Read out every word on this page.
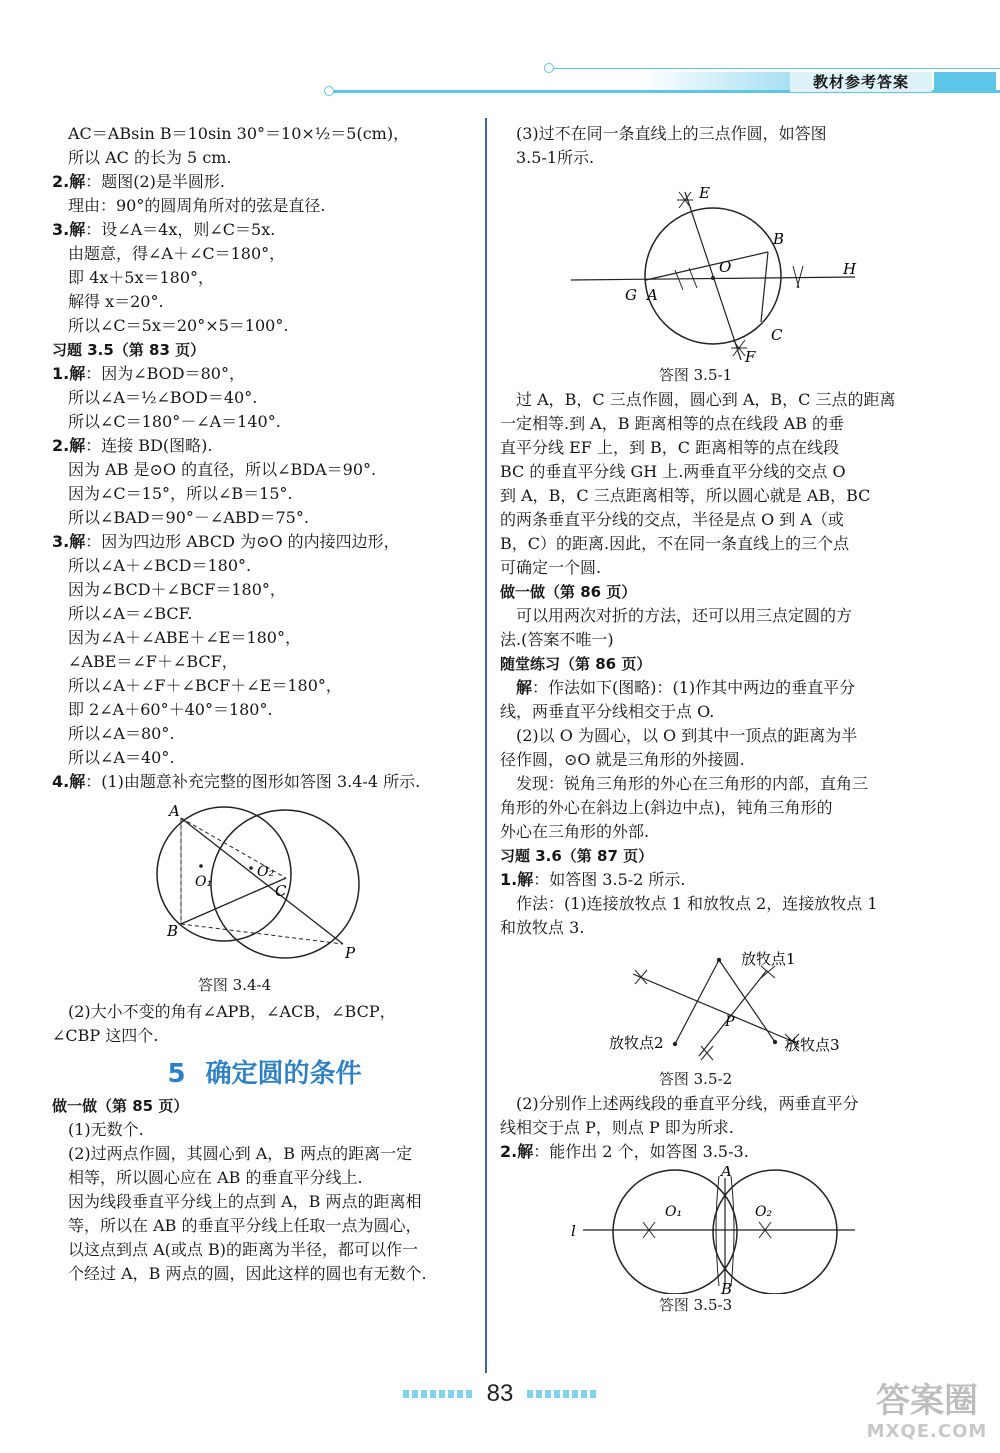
教材参考答案
AC＝ABsin B＝10sin 30°＝10×½＝5(cm)，
所以 AC 的长为 5 cm.
2.解：题图(2)是半圆形.
理由：90°的圆周角所对的弦是直径.
3.解：设∠A＝4x，则∠C＝5x.
由题意，得∠A＋∠C＝180°，
即 4x＋5x＝180°，
解得 x＝20°.
所以∠C＝5x＝20°×5＝100°.
习题 3.5（第 83 页）
1.解：因为∠BOD＝80°，
所以∠A＝½∠BOD＝40°.
所以∠C＝180°－∠A＝140°.
2.解：连接 BD(图略).
因为 AB 是⊙O 的直径，所以∠BDA＝90°.
因为∠C＝15°，所以∠B＝15°.
所以∠BAD＝90°－∠ABD＝75°.
3.解：因为四边形 ABCD 为⊙O 的内接四边形，
所以∠A＋∠BCD＝180°.
因为∠BCD＋∠BCF＝180°，
所以∠A＝∠BCF.
因为∠A＋∠ABE＋∠E＝180°，
∠ABE＝∠F＋∠BCF，
所以∠A＋∠F＋∠BCF＋∠E＝180°，
即 2∠A＋60°＋40°＝180°.
所以∠A＝80°.
所以∠A＝40°.
4.解：(1)由题意补充完整的图形如答图 3.4-4 所示.
A
B
C
P
O₁
O₂
答图 3.4-4
(2)大小不变的角有∠APB，∠ACB，∠BCP，
∠CBP 这四个.
5 确定圆的条件
做一做（第 85 页）
(1)无数个.
(2)过两点作圆，其圆心到 A，B 两点的距离一定
相等，所以圆心应在 AB 的垂直平分线上.
因为线段垂直平分线上的点到 A，B 两点的距离相
等，所以在 AB 的垂直平分线上任取一点为圆心，
以这点到点 A(或点 B)的距离为半径，都可以作一
个经过 A，B 两点的圆，因此这样的圆也有无数个.
(3)过不在同一条直线上的三点作圆，如答图
3.5-1所示.
E
B
O
G A
H
C
F
答图 3.5-1
过 A，B，C 三点作圆，圆心到 A，B，C 三点的距离
一定相等.到 A，B 距离相等的点在线段 AB 的垂
直平分线 EF 上，到 B，C 距离相等的点在线段
BC 的垂直平分线 GH 上.两垂直平分线的交点 O
到 A，B，C 三点距离相等，所以圆心就是 AB，BC
的两条垂直平分线的交点，半径是点 O 到 A（或
B，C）的距离.因此，不在同一条直线上的三个点
可确定一个圆.
做一做（第 86 页）
可以用两次对折的方法，还可以用三点定圆的方
法.(答案不唯一)
随堂练习（第 86 页）
解：作法如下(图略)：(1)作其中两边的垂直平分
线，两垂直平分线相交于点 O.
(2)以 O 为圆心，以 O 到其中一顶点的距离为半
径作圆，⊙O 就是三角形的外接圆.
发现：锐角三角形的外心在三角形的内部，直角三
角形的外心在斜边上(斜边中点)，钝角三角形的
外心在三角形的外部.
习题 3.6（第 87 页）
1.解：如答图 3.5-2 所示.
作法：(1)连接放牧点 1 和放牧点 2，连接放牧点 1
和放牧点 3.
放牧点1
放牧点2	放牧点3
P
答图 3.5-2
(2)分别作上述两线段的垂直平分线，两垂直平分
线相交于点 P，则点 P 即为所求.
2.解：能作出 2 个，如答图 3.5-3.
A
B
l
O₁	O₂
答图 3.5-3
83	答案圈
MXQE.COM
